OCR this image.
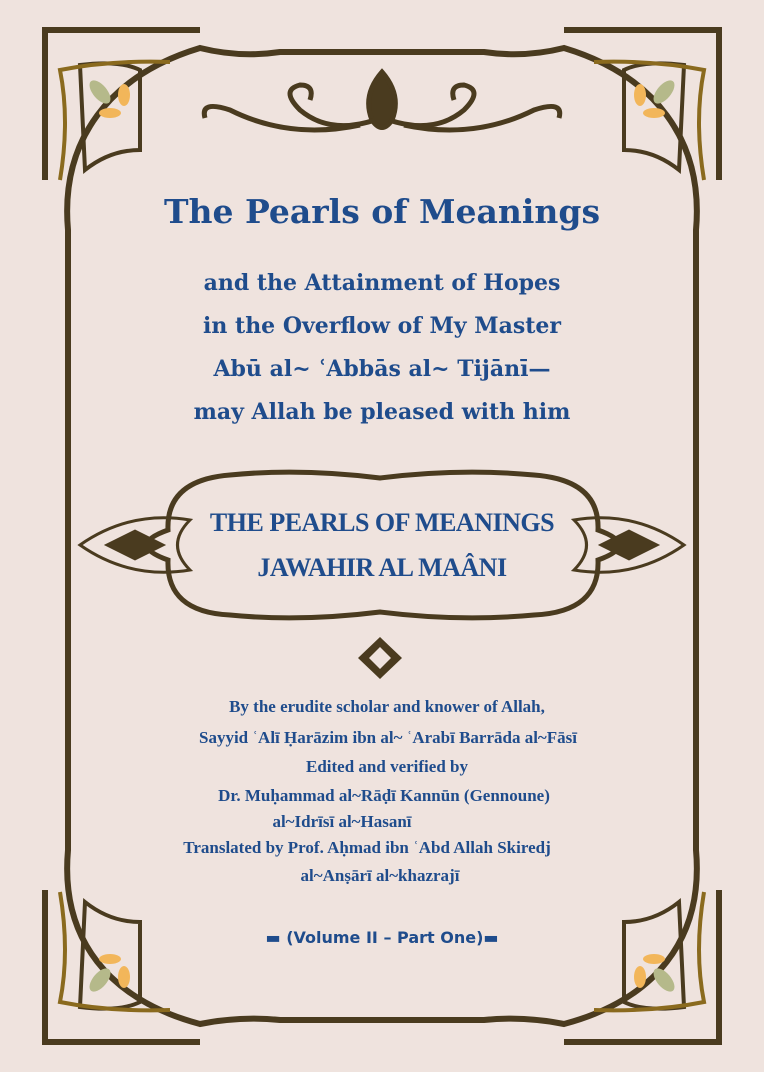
The Pearls of Meanings
and the Attainment of Hopes
in the Overflow of My Master
Abū al~ ʿAbbās al~ Tijānī—
may Allah be pleased with him
THE PEARLS OF MEANINGS
JAWAHIR AL MAÂNI
By the erudite scholar and knower of Allah,
Sayyid ʿAlī Ḥarāzim ibn al~ ʿArabī Barrāda al~Fāsī
Edited and verified by
Dr. Muḥammad al~Rāḍī Kannūn (Gennoune)
al~Idrīsī al~Hasanī
Translated by Prof. Aḥmad ibn ʿAbd Allah Skiredj
al~Anṣārī al~khazrajī
▬ (Volume II – Part One)▬
